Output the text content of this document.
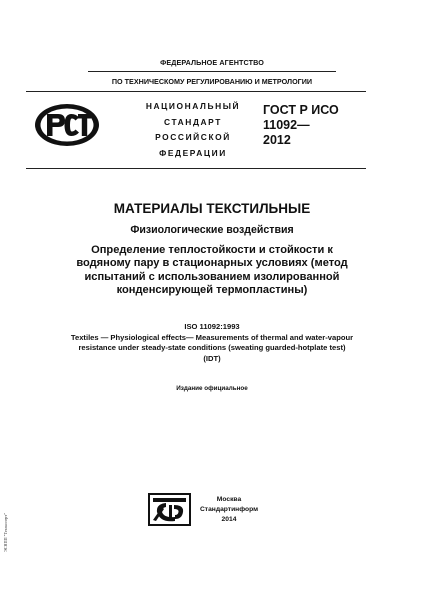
ФЕДЕРАЛЬНОЕ АГЕНТСТВО
ПО ТЕХНИЧЕСКОМУ РЕГУЛИРОВАНИЮ И МЕТРОЛОГИИ
НАЦИОНАЛЬНЫЙ
СТАНДАРТ
РОССИЙСКОЙ
ФЕДЕРАЦИИ
ГОСТ Р ИСО
11092—
2012
МАТЕРИАЛЫ ТЕКСТИЛЬНЫЕ
Физиологические воздействия
Определение теплостойкости и стойкости к
водяному пару в стационарных условиях (метод
испытаний с использованием изолированной
конденсирующей термопластины)
ISO 11092:1993
Textiles — Physiological effects— Measurements of thermal and water-vapour
resistance under steady-state conditions (sweating guarded-hotplate test)
(IDT)
Издание официальное
Москва
Стандартинформ
2014
ЭСНПП "Техэксперт"
